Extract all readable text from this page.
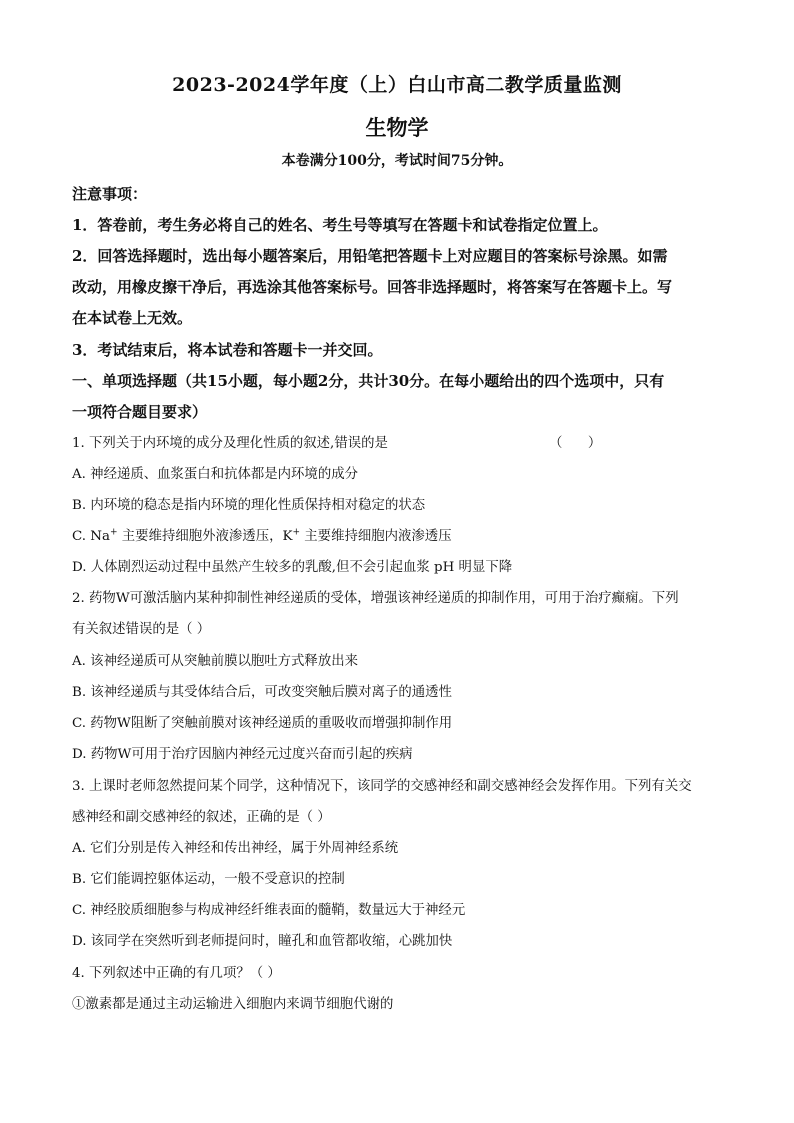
2023-2024学年度（上）白山市高二教学质量监测
生物学
本卷满分100分，考试时间75分钟。
注意事项：
1．答卷前，考生务必将自己的姓名、考生号等填写在答题卡和试卷指定位置上。
2．回答选择题时，选出每小题答案后，用铅笔把答题卡上对应题目的答案标号涂黑。如需
改动，用橡皮擦干净后，再选涂其他答案标号。回答非选择题时，将答案写在答题卡上。写
在本试卷上无效。
3．考试结束后，将本试卷和答题卡一并交回。
一、单项选择题（共15小题，每小题2分，共计30分。在每小题给出的四个选项中，只有
一项符合题目要求）
1. 下列关于内环境的成分及理化性质的叙述,错误的是	（      ）
A. 神经递质、血浆蛋白和抗体都是内环境的成分
B. 内环境的稳态是指内环境的理化性质保持相对稳定的状态
C. Na+ 主要维持细胞外液渗透压，K+ 主要维持细胞内液渗透压
D. 人体剧烈运动过程中虽然产生较多的乳酸,但不会引起血浆 pH 明显下降
2. 药物W可激活脑内某种抑制性神经递质的受体，增强该神经递质的抑制作用，可用于治疗癫痫。下列
有关叙述错误的是（ ）
A. 该神经递质可从突触前膜以胞吐方式释放出来
B. 该神经递质与其受体结合后，可改变突触后膜对离子的通透性
C. 药物W阻断了突触前膜对该神经递质的重吸收而增强抑制作用
D. 药物W可用于治疗因脑内神经元过度兴奋而引起的疾病
3. 上课时老师忽然提问某个同学，这种情况下，该同学的交感神经和副交感神经会发挥作用。下列有关交
感神经和副交感神经的叙述，正确的是（ ）
A. 它们分别是传入神经和传出神经，属于外周神经系统
B. 它们能调控躯体运动，一般不受意识的控制
C. 神经胶质细胞参与构成神经纤维表面的髓鞘，数量远大于神经元
D. 该同学在突然听到老师提问时，瞳孔和血管都收缩，心跳加快
4. 下列叙述中正确的有几项？（ ）
①激素都是通过主动运输进入细胞内来调节细胞代谢的
